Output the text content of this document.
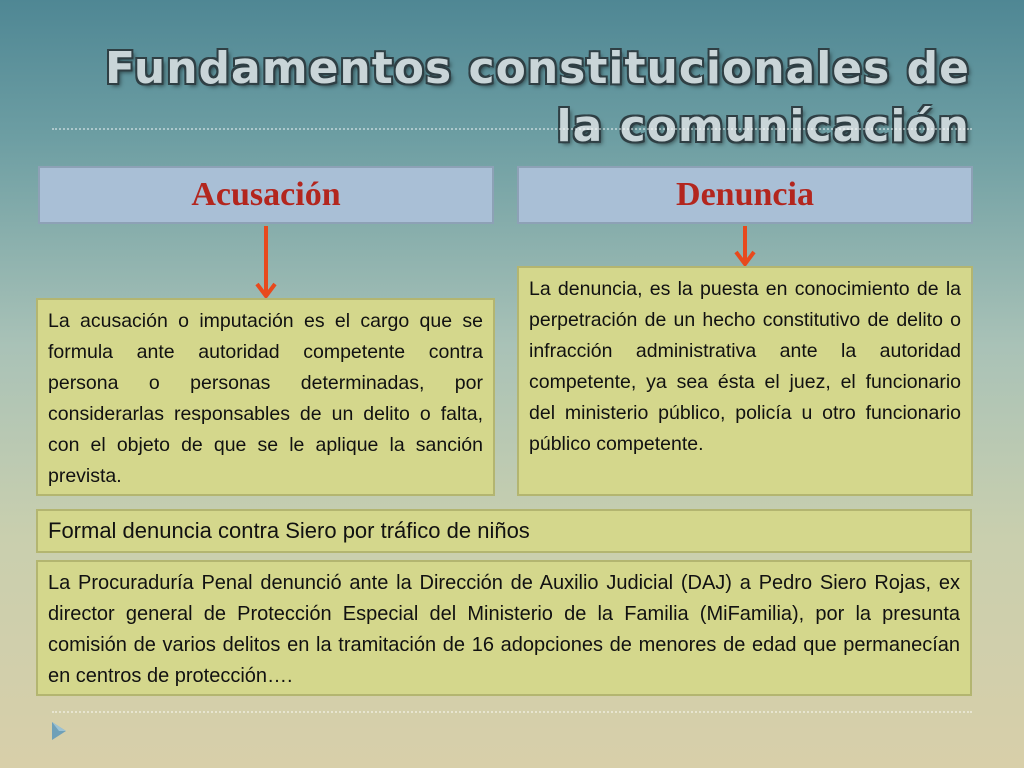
Fundamentos constitucionales de la comunicación
Acusación	Denuncia
La acusación o imputación es el cargo que se formula ante autoridad competente contra persona o personas determinadas, por considerarlas responsables de un delito o falta, con el objeto de que se le aplique la sanción prevista.
La denuncia, es la puesta en conocimiento de la perpetración de un hecho constitutivo de delito o infracción administrativa ante la autoridad competente, ya sea ésta el juez, el funcionario del ministerio público, policía u otro funcionario público competente.
Formal denuncia contra Siero por tráfico de niños
La Procuraduría Penal denunció ante la Dirección de Auxilio Judicial (DAJ) a Pedro Siero Rojas, ex director general de Protección Especial del Ministerio de la Familia (MiFamilia), por la presunta comisión de varios delitos en la tramitación de 16 adopciones de menores de edad que permanecían en centros de protección….
